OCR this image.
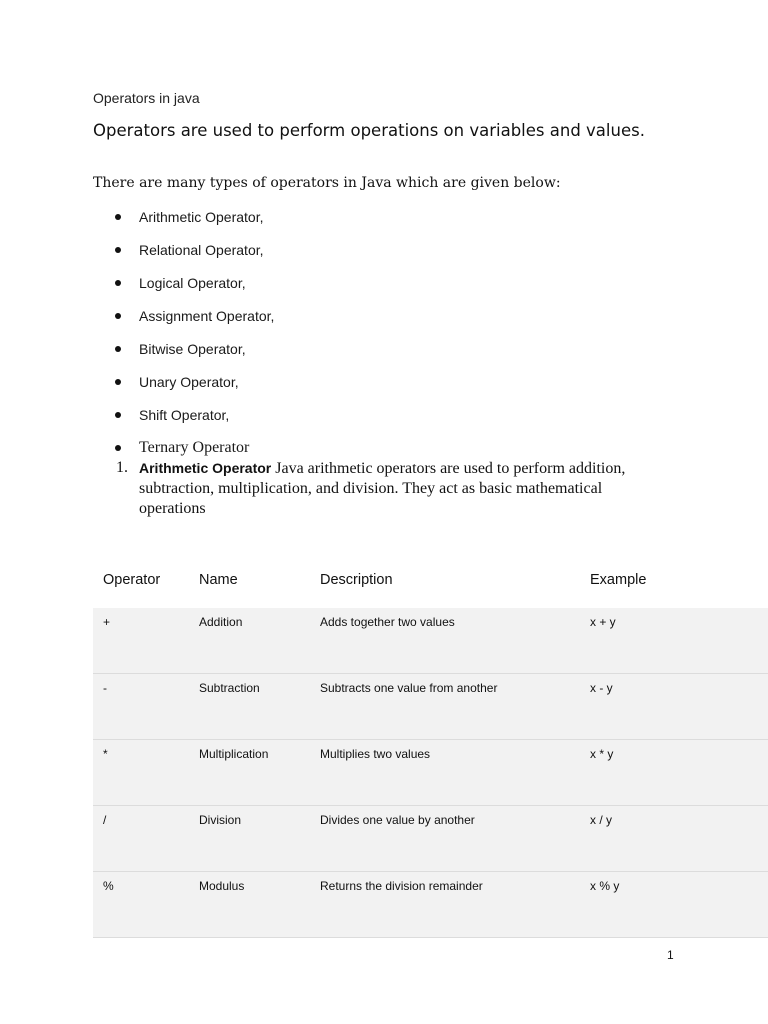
Operators in java
Operators are used to perform operations on variables and values.
There are many types of operators in Java which are given below:
Arithmetic Operator,
Relational Operator,
Logical Operator,
Assignment Operator,
Bitwise Operator,
Unary Operator,
Shift Operator,
Ternary Operator
1. Arithmetic Operator Java arithmetic operators are used to perform addition, subtraction, multiplication, and division. They act as basic mathematical operations
Operator	Name	Description	Example
+	Addition	Adds together two values	x + y
-	Subtraction	Subtracts one value from another	x - y
*	Multiplication	Multiplies two values	x * y
/	Division	Divides one value by another	x / y
%	Modulus	Returns the division remainder	x % y
1
